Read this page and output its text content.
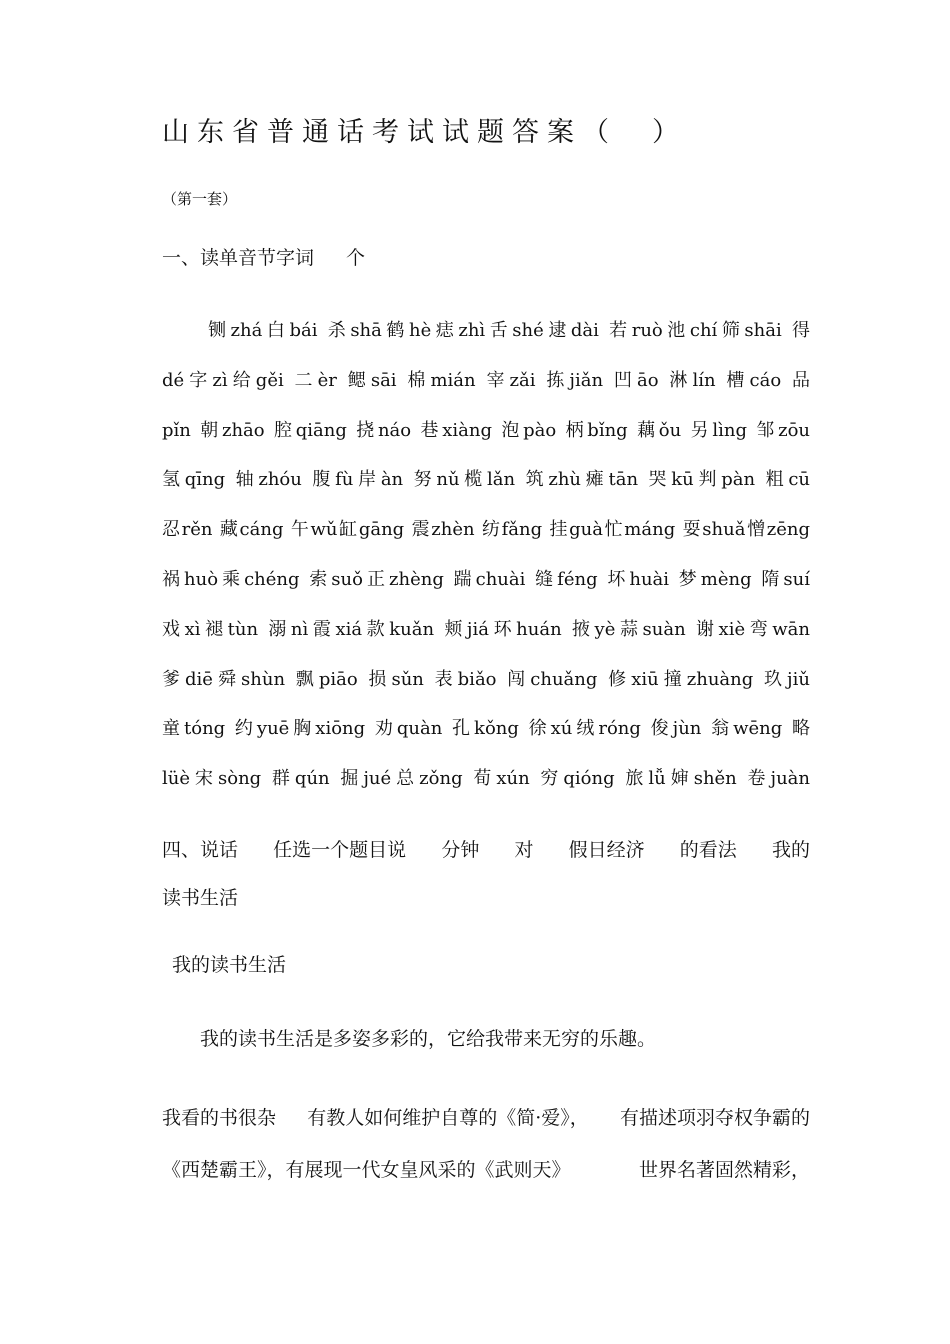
山东省普通话考试试题答案（　）
（第一套）
一、读单音节字词 个
铡zhá白bái 杀shā鹤hè痣zhì舌shé逮dài 若ruò池chí筛shāi 得
dé字zì给gěi 二èr 鳃sāi 棉mián 宰zǎi 拣jiǎn 凹āo 淋lín 槽cáo 品
pǐn 朝zhāo 腔qiāng 挠náo 巷xiàng 泡pào 柄bǐng 藕ǒu 另lìng 邹zōu
氢qīng 轴zhóu 腹fù岸àn 努nǔ榄lǎn 筑zhù瘫tān 哭kū判pàn 粗cū
忍rěn 藏cáng 午wǔ缸gāng 震zhèn 纺fǎng 挂guà忙máng 耍shuǎ憎zēng
祸huò乘chéng 索suǒ正zhèng 踹chuài 缝féng 坏huài 梦mèng 隋suí
戏xì褪tùn 溺nì霞xiá款kuǎn 颊jiá环huán 掖yè蒜suàn 谢xiè弯wān
爹diē舜shùn 飘piāo 损sǔn 表biǎo 闯chuǎng 修xiū撞zhuàng 玖jiǔ
童tóng 约yuē胸xiōng 劝quàn 孔kǒng 徐xú绒róng 俊jùn 翁wēng 略
lüè宋sòng 群qún 掘jué总zǒng 荀xún 穷qióng 旅lǚ婶shěn 卷juàn
四、说话 任选一个题目说 分钟 对 假日经济 的看法 我的
读书生活
我的读书生活
我的读书生活是多姿多彩的，它给我带来无穷的乐趣。
我看的书很杂 有教人如何维护自尊的《简·爱》， 有描述项羽夺权争霸的
《西楚霸王》，有展现一代女皇风采的《武则天》	世界名著固然精彩，
